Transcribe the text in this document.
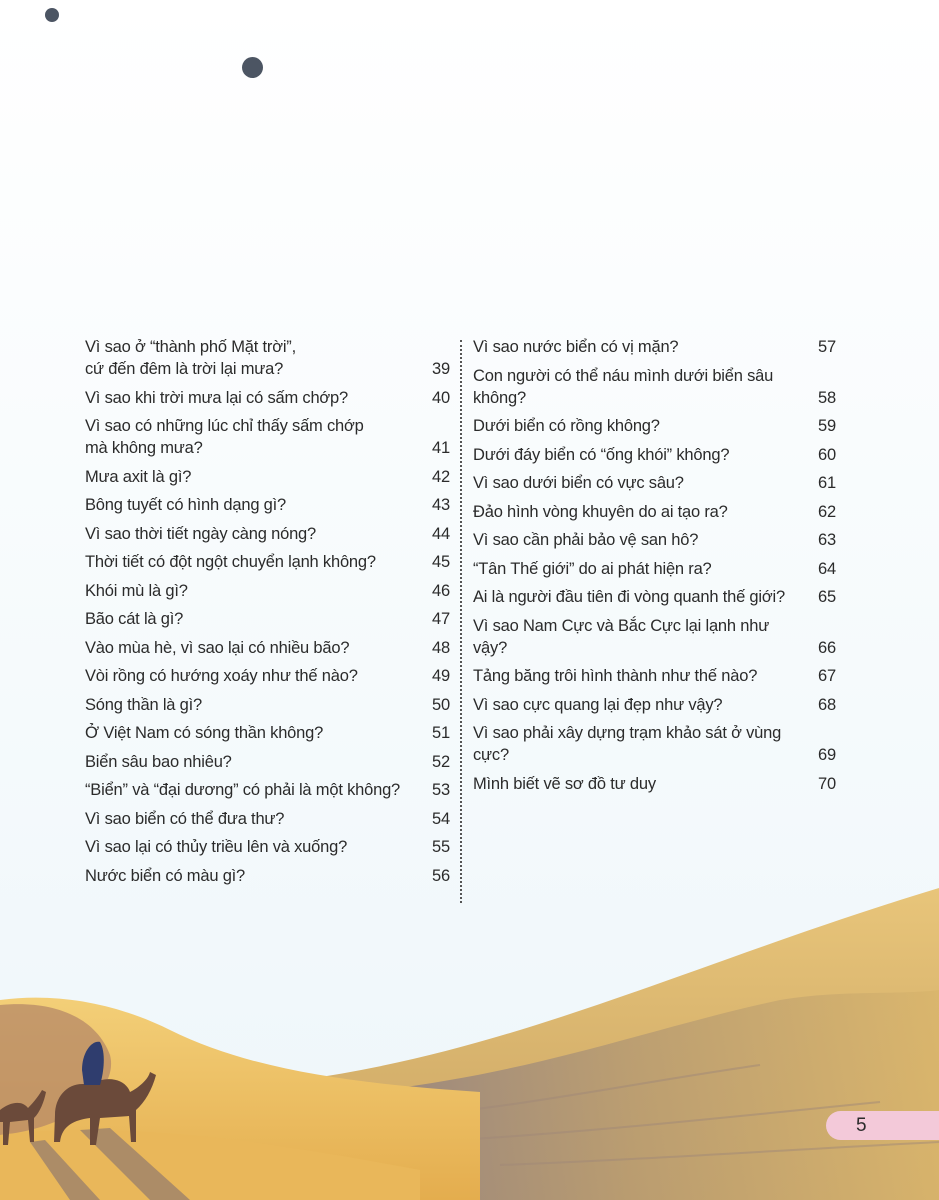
Vì sao ở “thành phố Mặt trời”,
cứ đến đêm là trời lại mưa?	39
Vì sao khi trời mưa lại có sấm chớp?	40
Vì sao có những lúc chỉ thấy sấm chớp
mà không mưa?	41
Mưa axit là gì?	42
Bông tuyết có hình dạng gì?	43
Vì sao thời tiết ngày càng nóng?	44
Thời tiết có đột ngột chuyển lạnh không?	45
Khói mù là gì?	46
Bão cát là gì?	47
Vào mùa hè, vì sao lại có nhiều bão?	48
Vòi rồng có hướng xoáy như thế nào?	49
Sóng thần là gì?	50
Ở Việt Nam có sóng thần không?	51
Biển sâu bao nhiêu?	52
“Biển” và “đại dương” có phải là một không?	53
Vì sao biển có thể đưa thư?	54
Vì sao lại có thủy triều lên và xuống?	55
Nước biển có màu gì?	56
Vì sao nước biển có vị mặn?	57
Con người có thể náu mình dưới biển sâu không?	58
Dưới biển có rồng không?	59
Dưới đáy biển có “ống khói” không?	60
Vì sao dưới biển có vực sâu?	61
Đảo hình vòng khuyên do ai tạo ra?	62
Vì sao cần phải bảo vệ san hô?	63
“Tân Thế giới” do ai phát hiện ra?	64
Ai là người đầu tiên đi vòng quanh thế giới?	65
Vì sao Nam Cực và Bắc Cực lại lạnh như vậy?	66
Tảng băng trôi hình thành như thế nào?	67
Vì sao cực quang lại đẹp như vậy?	68
Vì sao phải xây dựng trạm khảo sát ở vùng cực?	69
Mình biết vẽ sơ đồ tư duy	70
5
